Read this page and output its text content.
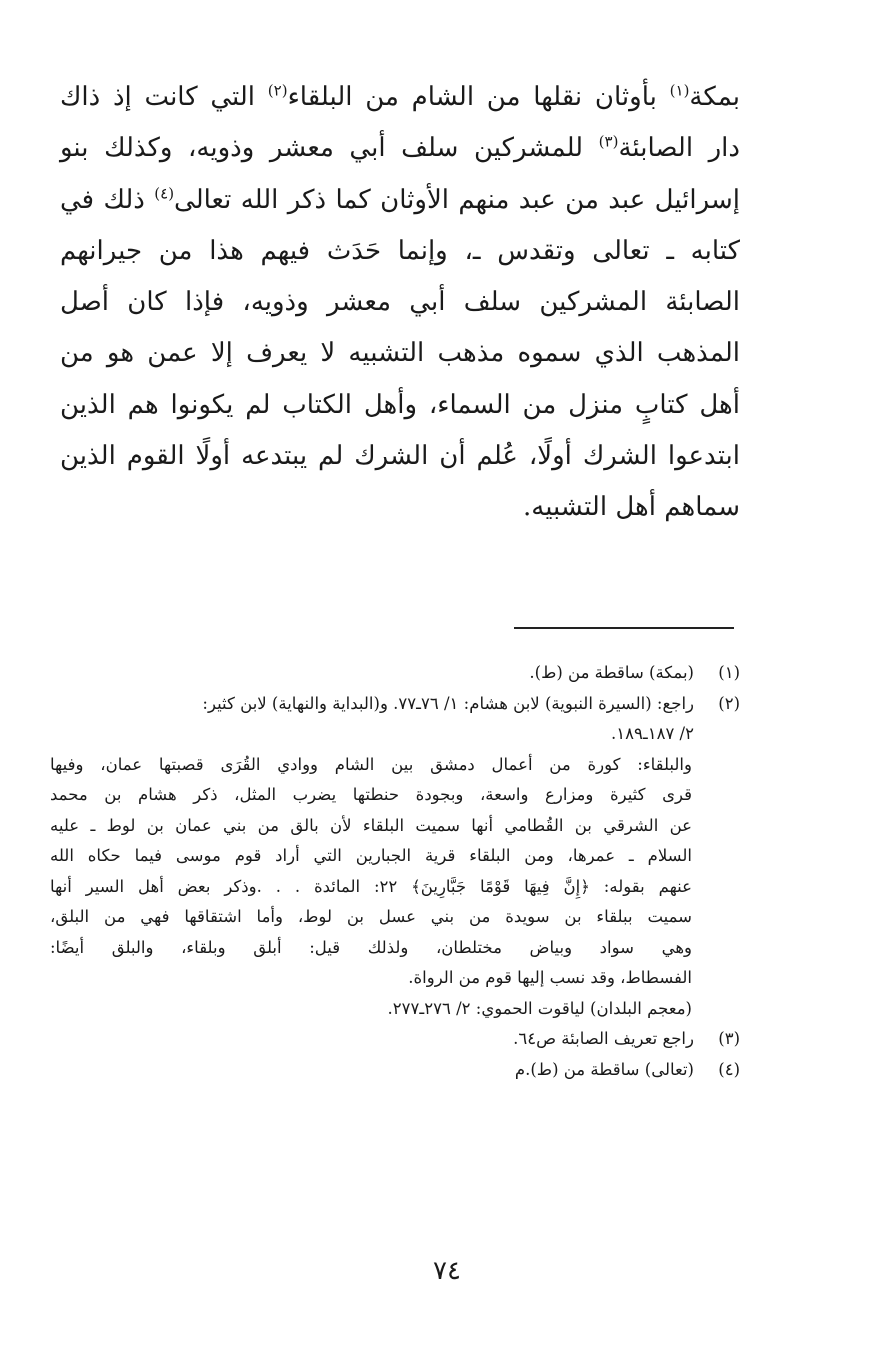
بمكة$^{(١)}$ بأوثان نقلها من الشام من البلقاء$^{(٢)}$ التي كانت إذ ذاك
دار الصابئة$^{(٣)}$ للمشركين سلف أبي معشر وذويه، وكذلك بنو
إسرائيل عبد من عبد منهم الأوثان كما ذكر الله تعالى$^{(٤)}$ ذلك في
كتابه ـ تعالى وتقدس ـ، وإنما حَدَث فيهم هذا من جيرانهم
الصابئة المشركين سلف أبي معشر وذويه، فإذا كان أصل
المذهب الذي سموه مذهب التشبيه لا يعرف إلا عمن هو من
أهل كتابٍ منزل من السماء، وأهل الكتاب لم يكونوا هم الذين
ابتدعوا الشرك أولًا، عُلم أن الشرك لم يبتدعه أولًا القوم الذين
سماهم أهل التشبيه.
(١)
(بمكة) ساقطة من (ط).
(٢)
راجع: (السيرة النبوية) لابن هشام: ١/ ٧٦ـ٧٧. و(البداية والنهاية) لابن كثير:
٢/ ١٨٧ـ١٨٩.
والبلقاء: كورة من أعمال دمشق بين الشام ووادي القُرَى قصبتها عمان، وفيها
قرى كثيرة ومزارع واسعة، وبجودة حنطتها يضرب المثل، ذكر هشام بن محمد
عن الشرقي بن القُطامي أنها سميت البلقاء لأن بالق من بني عمان بن لوط ـ عليه
السلام ـ عمرها، ومن البلقاء قرية الجبارين التي أراد قوم موسى فيما حكاه الله
عنهم بقوله: ﴿إِنَّ فِيهَا قَوْمًا جَبَّارِينَ﴾ ٢٢: المائدة . . .وذكر بعض أهل السير أنها
سميت ببلقاء بن سويدة من بني عسل بن لوط، وأما اشتقاقها فهي من البلق،
وهي سواد وبياض مختلطان، ولذلك قيل: أبلق وبلقاء، والبلق أيضًا:
الفسطاط، وقد نسب إليها قوم من الرواة.
(معجم البلدان) لياقوت الحموي: ٢/ ٢٧٦ـ٢٧٧.
(٣)
راجع تعريف الصابئة ص٦٤.
(٤)
(تعالى) ساقطة من (ط).م
٧٤
